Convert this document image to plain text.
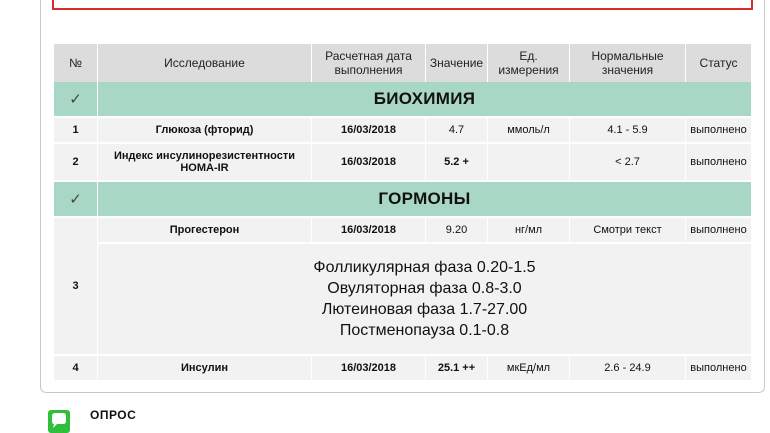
№	Исследование	Расчетная дата выполнения	Значение	Ед. измерения	Нормальные значения	Статус
✓	БИОХИМИЯ					
1	Глюкоза (фторид)	16/03/2018	4.7	ммоль/л	4.1 - 5.9	выполнено
2	Индекс инсулинорезистентности HOMA-IR	16/03/2018	5.2 +		< 2.7	выполнено
✓	ГОРМОНЫ					
3	Прогестерон	16/03/2018	9.20	нг/мл	Смотри текст	выполнено

	Фолликулярная фаза 0.20-1.5
Овуляторная фаза 0.8-3.0
Лютеиновая фаза 1.7-27.00
Постменопауза 0.1-0.8					

4	Инсулин	16/03/2018	25.1 ++	мкЕд/мл	2.6 - 24.9	выполнено
ОПРОС
